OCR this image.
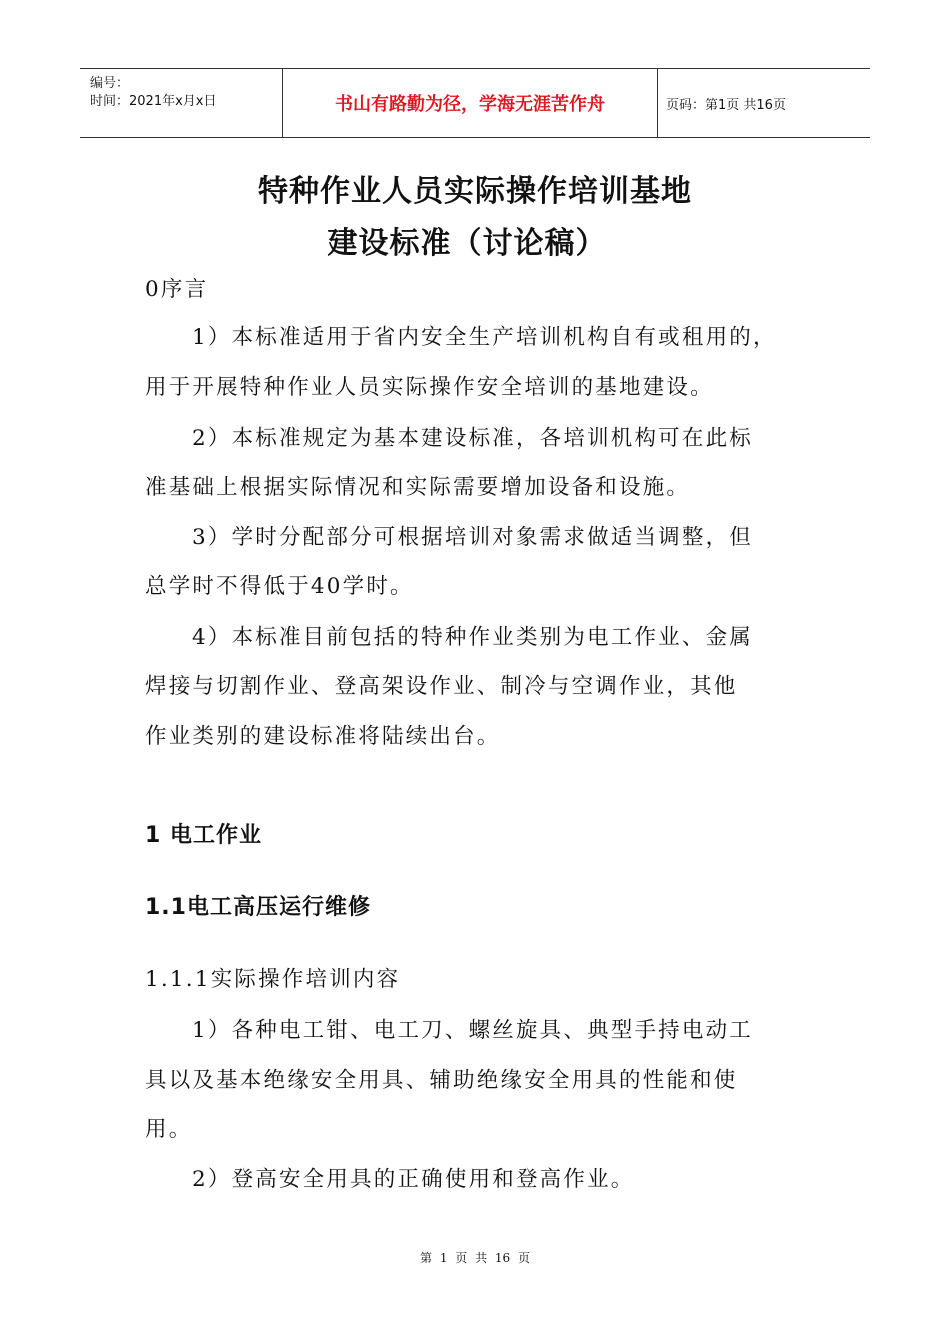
编号：
时间：2021年x月x日	书山有路勤为径，学海无涯苦作舟	页码：第1页 共16页
特种作业人员实际操作培训基地
建设标准（讨论稿）
0序言
1）本标准适用于省内安全生产培训机构自有或租用的，
用于开展特种作业人员实际操作安全培训的基地建设。
2）本标准规定为基本建设标准，各培训机构可在此标
准基础上根据实际情况和实际需要增加设备和设施。
3）学时分配部分可根据培训对象需求做适当调整，但
总学时不得低于40学时。
4）本标准目前包括的特种作业类别为电工作业、金属
焊接与切割作业、登高架设作业、制冷与空调作业，其他
作业类别的建设标准将陆续出台。
1 电工作业
1.1电工高压运行维修
1.1.1实际操作培训内容
1）各种电工钳、电工刀、螺丝旋具、典型手持电动工
具以及基本绝缘安全用具、辅助绝缘安全用具的性能和使
用。
2）登高安全用具的正确使用和登高作业。
第 1 页 共 16 页
